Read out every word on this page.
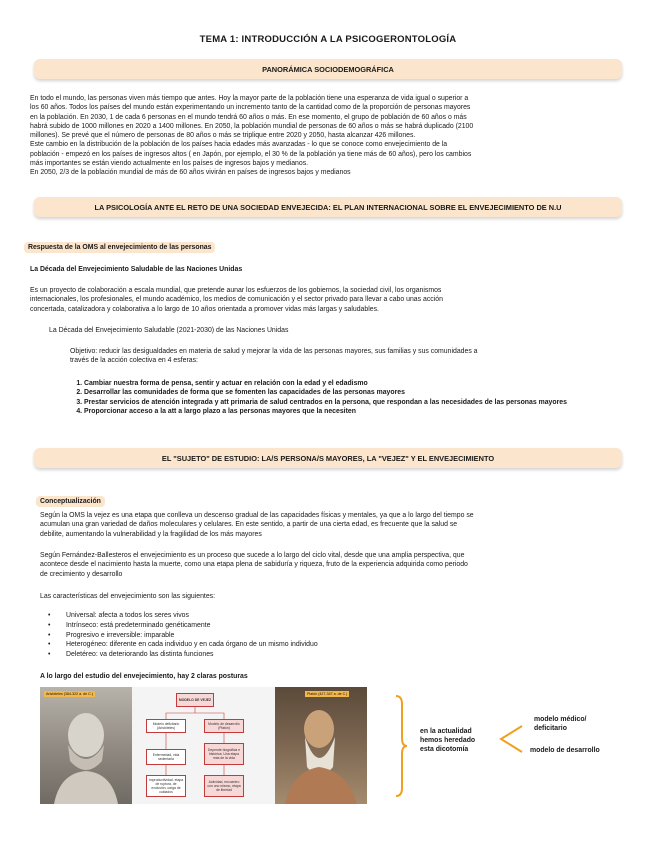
TEMA 1: INTRODUCCIÓN A LA PSICOGERONTOLOGÍA
PANORÁMICA SOCIODEMOGRÁFICA
En todo el mundo, las personas viven más tiempo que antes. Hoy la mayor parte de la población tiene una esperanza de vida igual o superior a
los 60 años. Todos los países del mundo están experimentando un incremento tanto de la cantidad como de la proporción de personas mayores
en la población. En 2030, 1 de cada 6 personas en el mundo tendrá 60 años o más. En ese momento, el grupo de población de 60 años o más
habrá subido de 1000 millones en 2020 a 1400 millones. En 2050, la población mundial de personas de 60 años o más se habrá duplicado (2100
millones). Se prevé que el número de personas de 80 años o más se triplique entre 2020 y 2050, hasta alcanzar 426 millones.
Este cambio en la distribución de la población de los países hacia edades más avanzadas - lo que se conoce como envejecimiento de la
población - empezó en los países de ingresos altos ( en Japón, por ejemplo, el 30 % de la población ya tiene más de 60 años), pero los cambios
más importantes se están viendo actualmente en los países de ingresos bajos y medianos.
En 2050, 2/3 de la población mundial de más de 60 años vivirán en países de ingresos bajos y medianos
LA PSICOLOGÍA ANTE EL RETO DE UNA SOCIEDAD ENVEJECIDA: EL PLAN INTERNACIONAL SOBRE EL ENVEJECIMIENTO DE N.U
Respuesta de la OMS al envejecimiento de las personas
La Década del Envejecimiento Saludable de las Naciones Unidas
Es un proyecto de colaboración a escala mundial, que pretende aunar los esfuerzos de los gobiernos, la sociedad civil, los organismos
internacionales, los profesionales, el mundo académico, los medios de comunicación y el sector privado para llevar a cabo unas acción
concertada, catalizadora y colaborativa a lo largo de 10 años orientada a promover vidas más largas y saludables.
La Década del Envejecimiento Saludable (2021-2030) de las Naciones Unidas
Objetivo: reducir las desigualdades en materia de salud y mejorar la vida de las personas mayores, sus familias y sus comunidades a
través de la acción colectiva en 4 esferas:
1. Cambiar nuestra forma de pensa, sentir y actuar en relación con la edad y el edadismo
2. Desarrollar las comunidades de forma que se fomenten las capacidades de las personas mayores
3. Prestar servicios de atención integrada y att primaria de salud centrados en la persona, que respondan a las necesidades de las personas mayores
4. Proporcionar acceso a la att a largo plazo a las personas mayores que la necesiten
EL "SUJETO" DE ESTUDIO: LA/S PERSONA/S MAYORES, LA "VEJEZ" Y EL ENVEJECIMIENTO
Conceptualización
Según la OMS la vejez es una etapa que conlleva un descenso gradual de las capacidades físicas y mentales, ya que a lo largo del tiempo se
acumulan una gran variedad de daños moleculares y celulares. En este sentido, a partir de una cierta edad, es frecuente que la salud se
debilite, aumentando la vulnerabilidad y la fragilidad de los más mayores
Según Fernández-Ballesteros el envejecimiento es un proceso que sucede a lo largo del ciclo vital, desde que una amplia perspectiva, que
acontece desde el nacimiento hasta la muerte, como una etapa plena de sabiduría y riqueza, fruto de la experiencia adquirida como periodo
de crecimiento y desarrollo
Las características del envejecimiento son las siguientes:
• Universal: afecta a todos los seres vivos
• Intrínseco: está predeterminado genéticamente
• Progresivo e irreversible: imparable
• Heterogéneo: diferente en cada individuo y en cada órgano de un mismo individuo
• Deletéreo: va deteriorando las distinta funciones
A lo largo del estudio del envejecimiento, hay 2 claras posturas
Aristóteles (384-322 a. de C.)
MODELO DE VEJEZ
Modelo deficitario (Aristóteles)
Modelo de desarrollo (Platón)
Enfermedad, vida sedentaria
Improductividad, etapa de ruptura, de exclusión, carga de cuidados
Depende biográfica e histórica. Una etapa más de la vida
Actividad, encuentro con uno mismo, etapa de libertad
Platón (427-347 a. de C.)
en la actualidad
hemos heredado
esta dicotomía
modelo médico/
deficitario
modelo de desarrollo
